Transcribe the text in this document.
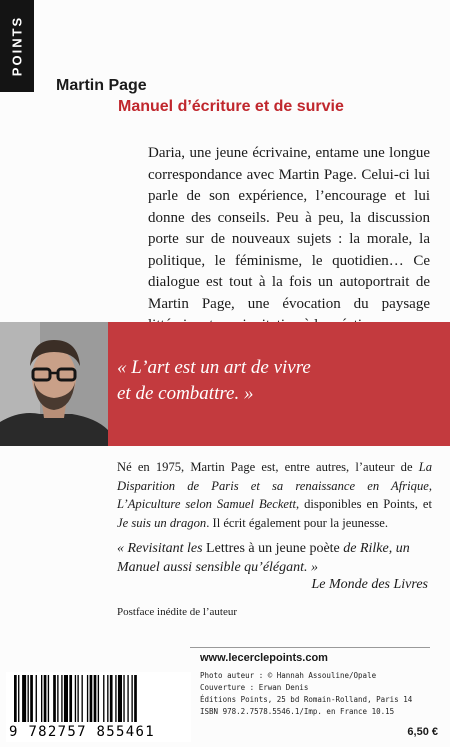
POINTS
Martin Page
Manuel d’écriture et de survie

Daria, une jeune écrivaine, entame une longue correspondance avec Martin Page. Celui-ci lui parle de son expérience, l’encourage et lui donne des conseils. Peu à peu, la discussion porte sur de nouveaux sujets : la morale, la politique, le féminisme, le quotidien… Ce dialogue est tout à la fois un autoportrait de Martin Page, une évocation du paysage

« L’art est un art de vivre
et de combattre. »

Né en 1975, Martin Page est, entre autres, l’auteur de La Disparition de Paris et sa renaissance en Afrique, L’Apiculture selon Samuel Beckett, disponibles en Points, et Je suis un dragon. Il écrit également pour la jeunesse.

« Revisitant les Lettres à un jeune poète de Rilke, un Manuel aussi sensible qu’élégant. »

Le Monde des Livres

Postface inédite de l’auteur

www.lecerclepoints.com
9 782757 855461

Photo auteur : © Hannah Assouline/Opale
Couverture : Erwan Denis
Éditions Points, 25 bd Romain-Rolland, Paris 14
ISBN 978.2.7578.5546.1/Imp. en France 10.15

6,50 €
